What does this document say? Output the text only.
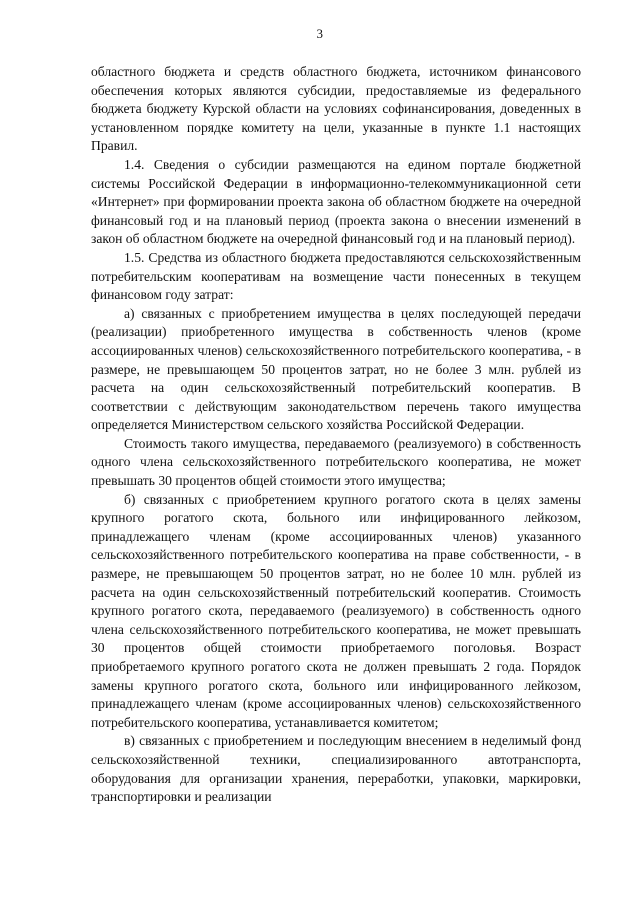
3

областного бюджета и средств областного бюджета, источником финансового обеспечения которых являются субсидии, предоставляемые из федерального бюджета бюджету Курской области на условиях софинансирования, доведенных в установленном порядке комитету на цели, указанные в пункте 1.1 настоящих Правил.

1.4. Сведения о субсидии размещаются на едином портале бюджетной системы Российской Федерации в информационно-телекоммуникационной сети «Интернет» при формировании проекта закона об областном бюджете на очередной финансовый год и на плановый период (проекта закона о внесении изменений в закон об областном бюджете на очередной финансовый год и на плановый период).

1.5. Средства из областного бюджета предоставляются сельскохозяйственным потребительским кооперативам на возмещение части понесенных в текущем финансовом году затрат:

а) связанных с приобретением имущества в целях последующей передачи (реализации) приобретенного имущества в собственность членов (кроме ассоциированных членов) сельскохозяйственного потребительского кооператива, - в размере, не превышающем 50 процентов затрат, но не более 3 млн. рублей из расчета на один сельскохозяйственный потребительский кооператив. В соответствии с действующим законодательством перечень такого имущества определяется Министерством сельского хозяйства Российской Федерации.

Стоимость такого имущества, передаваемого (реализуемого) в собственность одного члена сельскохозяйственного потребительского кооператива, не может превышать 30 процентов общей стоимости этого имущества;

б) связанных с приобретением крупного рогатого скота в целях замены крупного рогатого скота, больного или инфицированного лейкозом, принадлежащего членам (кроме ассоциированных членов) указанного сельскохозяйственного потребительского кооператива на праве собственности, - в размере, не превышающем 50 процентов затрат, но не более 10 млн. рублей из расчета на один сельскохозяйственный потребительский кооператив. Стоимость крупного рогатого скота, передаваемого (реализуемого) в собственность одного члена сельскохозяйственного потребительского кооператива, не может превышать 30 процентов общей стоимости приобретаемого поголовья. Возраст приобретаемого крупного рогатого скота не должен превышать 2 года. Порядок замены крупного рогатого скота, больного или инфицированного лейкозом, принадлежащего членам (кроме ассоциированных членов) сельскохозяйственного потребительского кооператива, устанавливается комитетом;

в) связанных с приобретением и последующим внесением в неделимый фонд сельскохозяйственной техники, специализированного автотранспорта, оборудования для организации хранения, переработки, упаковки, маркировки, транспортировки и реализации
